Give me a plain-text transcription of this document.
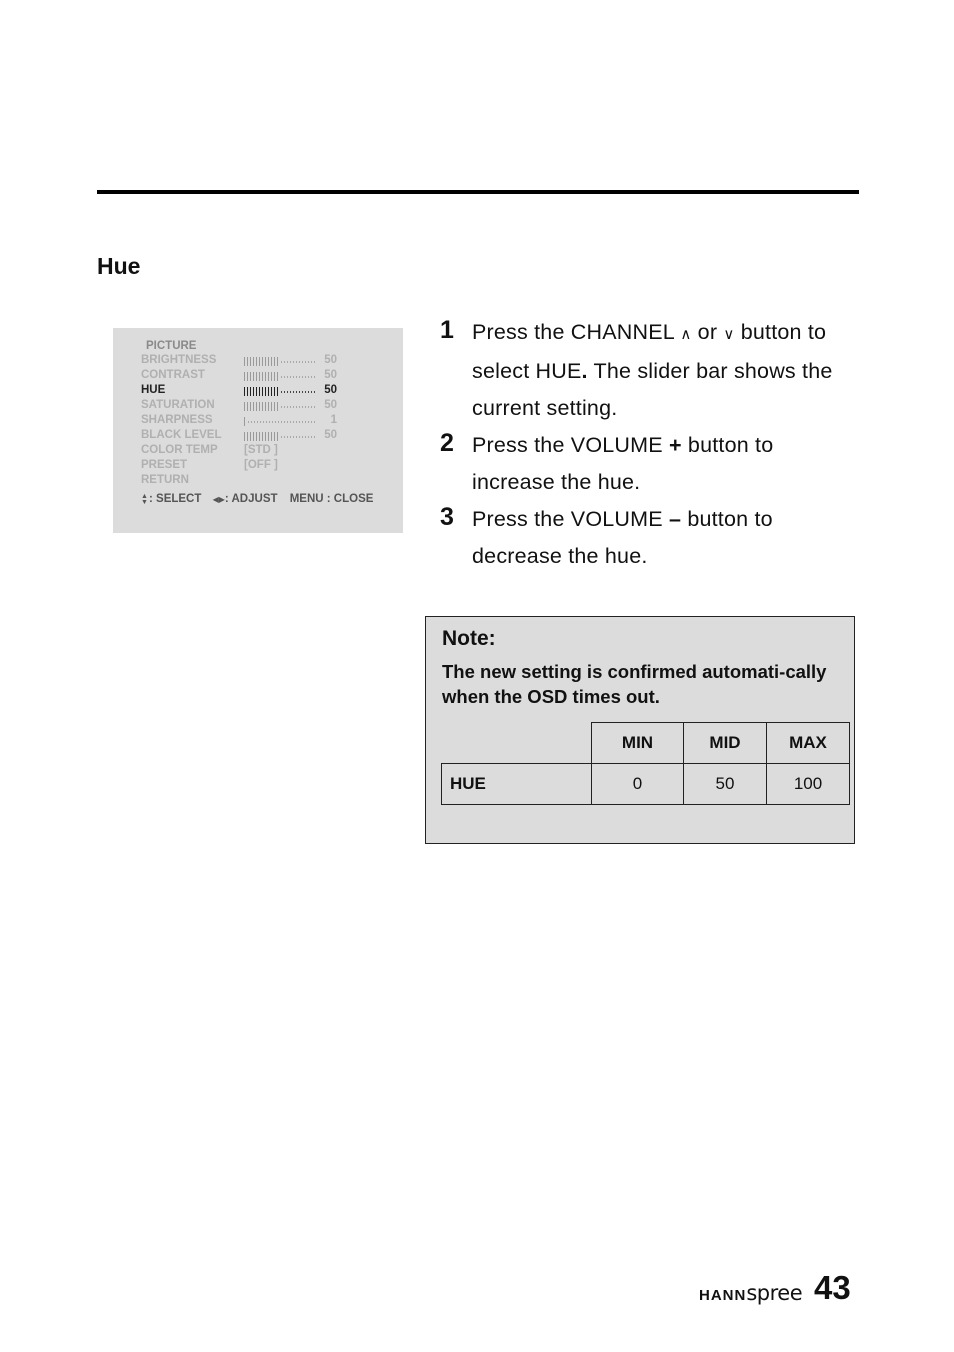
Hue
PICTURE
BRIGHTNESS	50
CONTRAST	50
HUE	50
SATURATION	50
SHARPNESS	1
BLACK LEVEL	50
COLOR TEMP [STD ]
PRESET	[OFF ]
RETURN
▲
▼: SELECT ◀▶: ADJUST MENU : CLOSE
1 Press the CHANNEL ∧ or ∨ button to select HUE. The slider bar shows the current setting.
2 Press the VOLUME + button to increase the hue.
3 Press the VOLUME – button to decrease the hue.
Note:
The new setting is confirmed automati-cally when the OSD times out.
	MIN	MID	MAX
HUE	0	50	100
HANNspree 43
